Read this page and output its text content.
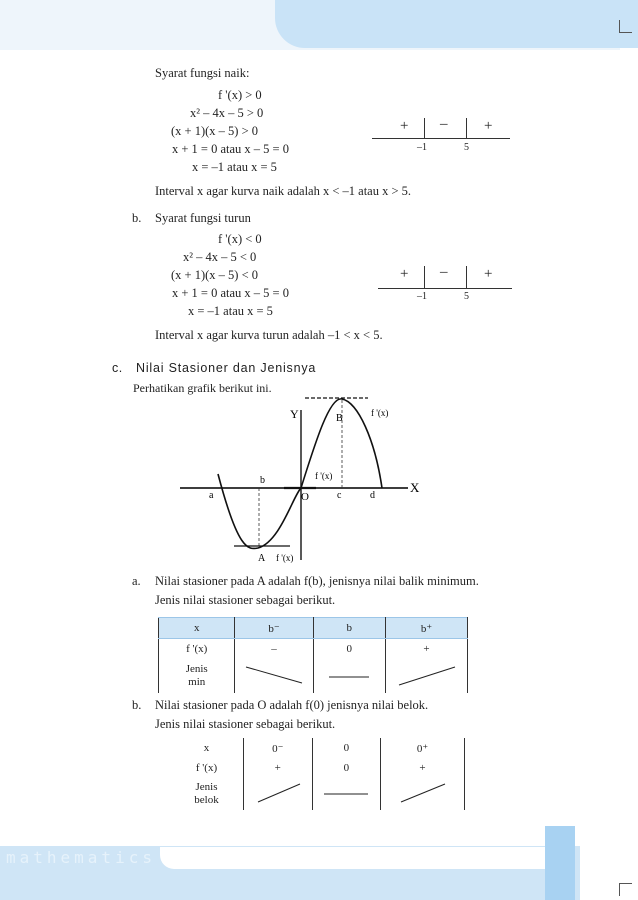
Syarat fungsi naik:
f '(x) > 0
x² – 4x – 5 > 0
(x + 1)(x – 5) > 0
x + 1 = 0 atau x – 5 = 0
x = –1 atau x = 5
+ – +
–1	5
Interval x agar kurva naik adalah x < –1 atau x > 5.
b. Syarat fungsi turun
f '(x) < 0
x² – 4x – 5 < 0
(x + 1)(x – 5) < 0
x + 1 = 0 atau x – 5 = 0
x = –1 atau x = 5
+ – +
–1	5
Interval x agar kurva turun adalah –1 < x < 5.
c. Nilai Stasioner dan Jenisnya
Perhatikan grafik berikut ini.
Y
X
O
a
b
c	d
A
B	f '(x)
f '(x)
f '(x)
a. Nilai stasioner pada A adalah f(b), jenisnya nilai balik minimum.
Jenis nilai stasioner sebagai berikut.
x	b⁻	b	b⁺
f '(x)	–	0	+
Jenis
min			
b. Nilai stasioner pada O adalah f(0) jenisnya nilai belok.
Jenis nilai stasioner sebagai berikut.
x	0⁻	0	0⁺
f '(x)	+	0	+
Jenis
belok			
mathematics
